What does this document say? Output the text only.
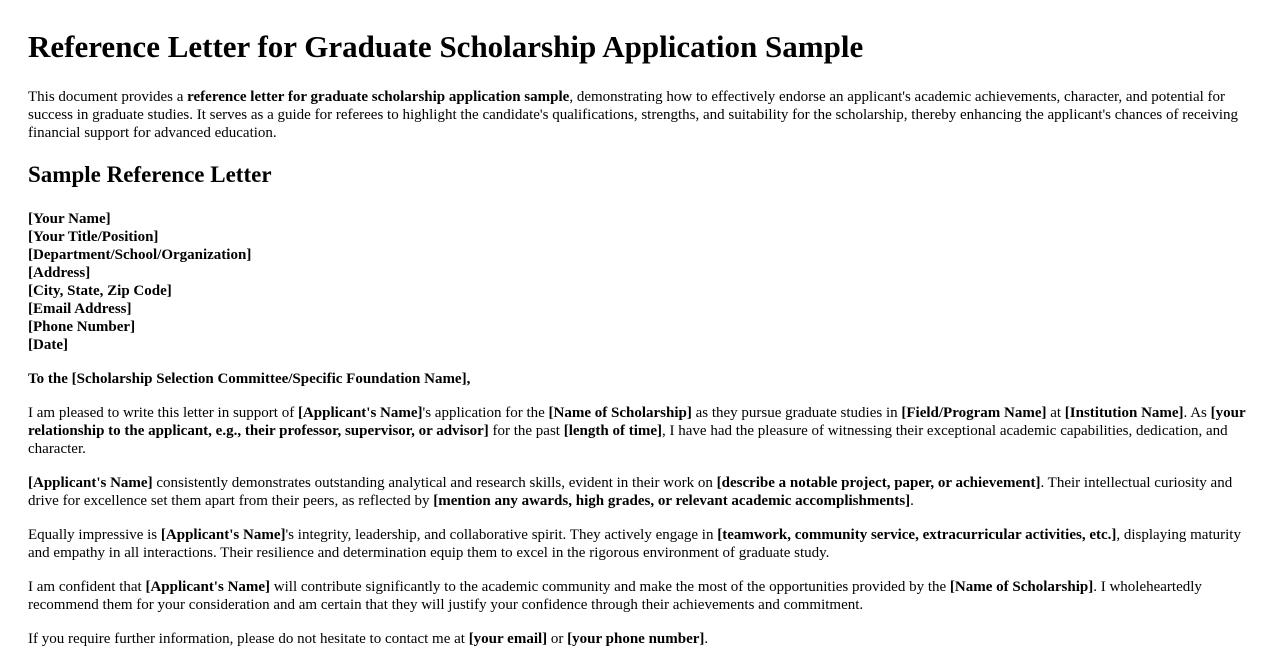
Reference Letter for Graduate Scholarship Application Sample

This document provides a reference letter for graduate scholarship application sample, demonstrating how to effectively endorse an applicant's academic achievements, character, and potential for success in graduate studies. It serves as a guide for referees to highlight the candidate's qualifications, strengths, and suitability for the scholarship, thereby enhancing the applicant's chances of receiving financial support for advanced education.

Sample Reference Letter
[Your Name]
[Your Title/Position]
[Department/School/Organization]
[Address]
[City, State, Zip Code]
[Email Address]
[Phone Number]
[Date]

To the [Scholarship Selection Committee/Specific Foundation Name],

I am pleased to write this letter in support of [Applicant's Name]'s application for the [Name of Scholarship] as they pursue graduate studies in [Field/Program Name] at [Institution Name]. As [your relationship to the applicant, e.g., their professor, supervisor, or advisor] for the past [length of time], I have had the pleasure of witnessing their exceptional academic capabilities, dedication, and character.

[Applicant's Name] consistently demonstrates outstanding analytical and research skills, evident in their work on [describe a notable project, paper, or achievement]. Their intellectual curiosity and drive for excellence set them apart from their peers, as reflected by [mention any awards, high grades, or relevant academic accomplishments].

Equally impressive is [Applicant's Name]'s integrity, leadership, and collaborative spirit. They actively engage in [teamwork, community service, extracurricular activities, etc.], displaying maturity and empathy in all interactions. Their resilience and determination equip them to excel in the rigorous environment of graduate study.

I am confident that [Applicant's Name] will contribute significantly to the academic community and make the most of the opportunities provided by the [Name of Scholarship]. I wholeheartedly recommend them for your consideration and am certain that they will justify your confidence through their achievements and commitment.

If you require further information, please do not hesitate to contact me at [your email] or [your phone number].
